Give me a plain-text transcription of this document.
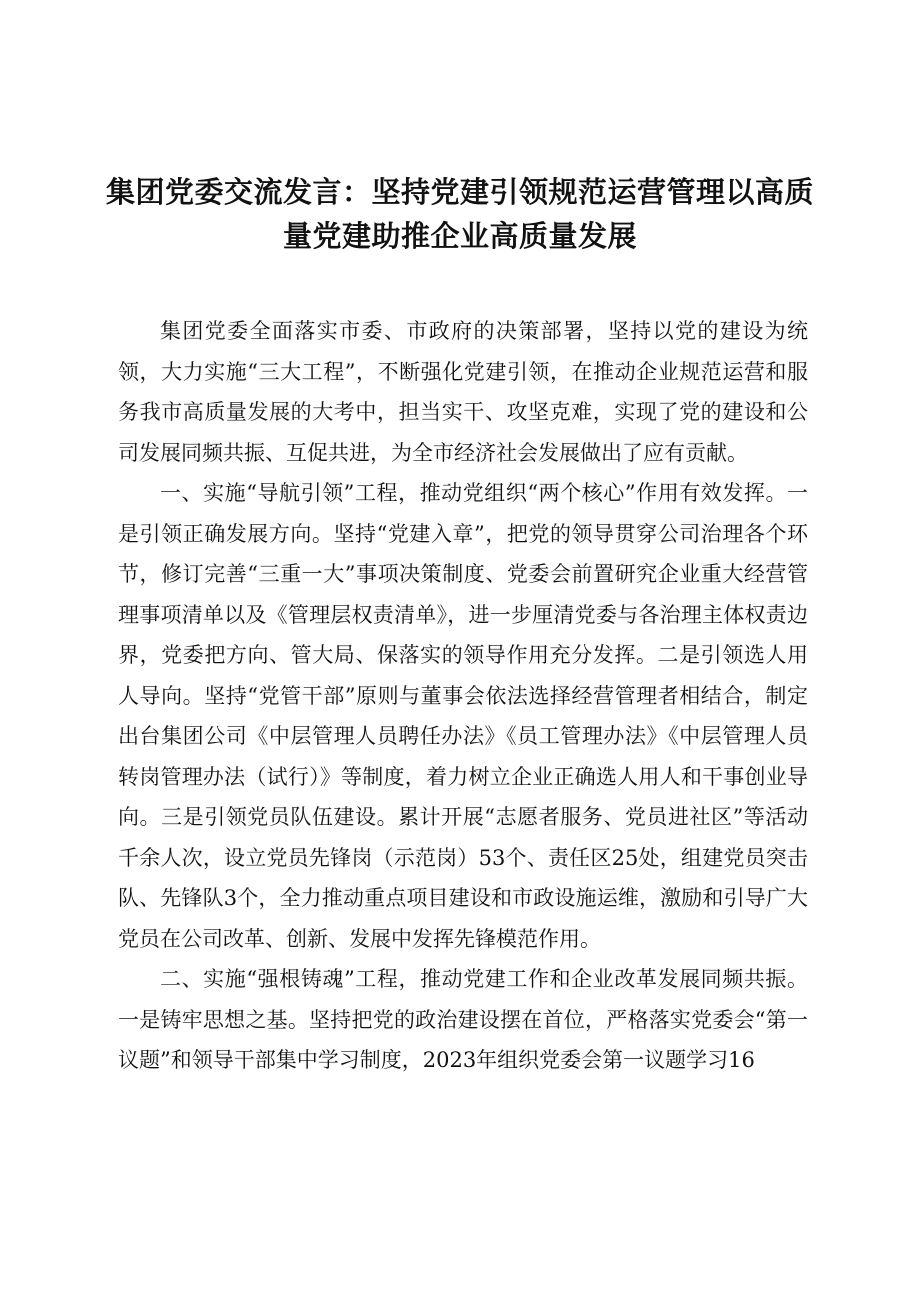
集团党委交流发言：坚持党建引领规范运营管理以高质
量党建助推企业高质量发展

集团党委全面落实市委、市政府的决策部署，坚持以党的建设为统领，大力实施“三大工程”，不断强化党建引领，在推动企业规范运营和服务我市高质量发展的大考中，担当实干、攻坚克难，实现了党的建设和公司发展同频共振、互促共进，为全市经济社会发展做出了应有贡献。

一、实施“导航引领”工程，推动党组织“两个核心”作用有效发挥。一是引领正确发展方向。坚持“党建入章”，把党的领导贯穿公司治理各个环节，修订完善“三重一大”事项决策制度、党委会前置研究企业重大经营管理事项清单以及《管理层权责清单》，进一步厘清党委与各治理主体权责边界，党委把方向、管大局、保落实的领导作用充分发挥。二是引领选人用人导向。坚持“党管干部”原则与董事会依法选择经营管理者相结合，制定出台集团公司《中层管理人员聘任办法》《员工管理办法》《中层管理人员转岗管理办法（试行）》等制度，着力树立企业正确选人用人和干事创业导向。三是引领党员队伍建设。累计开展“志愿者服务、党员进社区”等活动千余人次，设立党员先锋岗（示范岗）53个、责任区25处，组建党员突击队、先锋队3个，全力推动重点项目建设和市政设施运维，激励和引导广大党员在公司改革、创新、发展中发挥先锋模范作用。

二、实施“强根铸魂”工程，推动党建工作和企业改革发展同频共振。一是铸牢思想之基。坚持把党的政治建设摆在首位，严格落实党委会“第一议题”和领导干部集中学习制度，2023年组织党委会第一议题学习16
